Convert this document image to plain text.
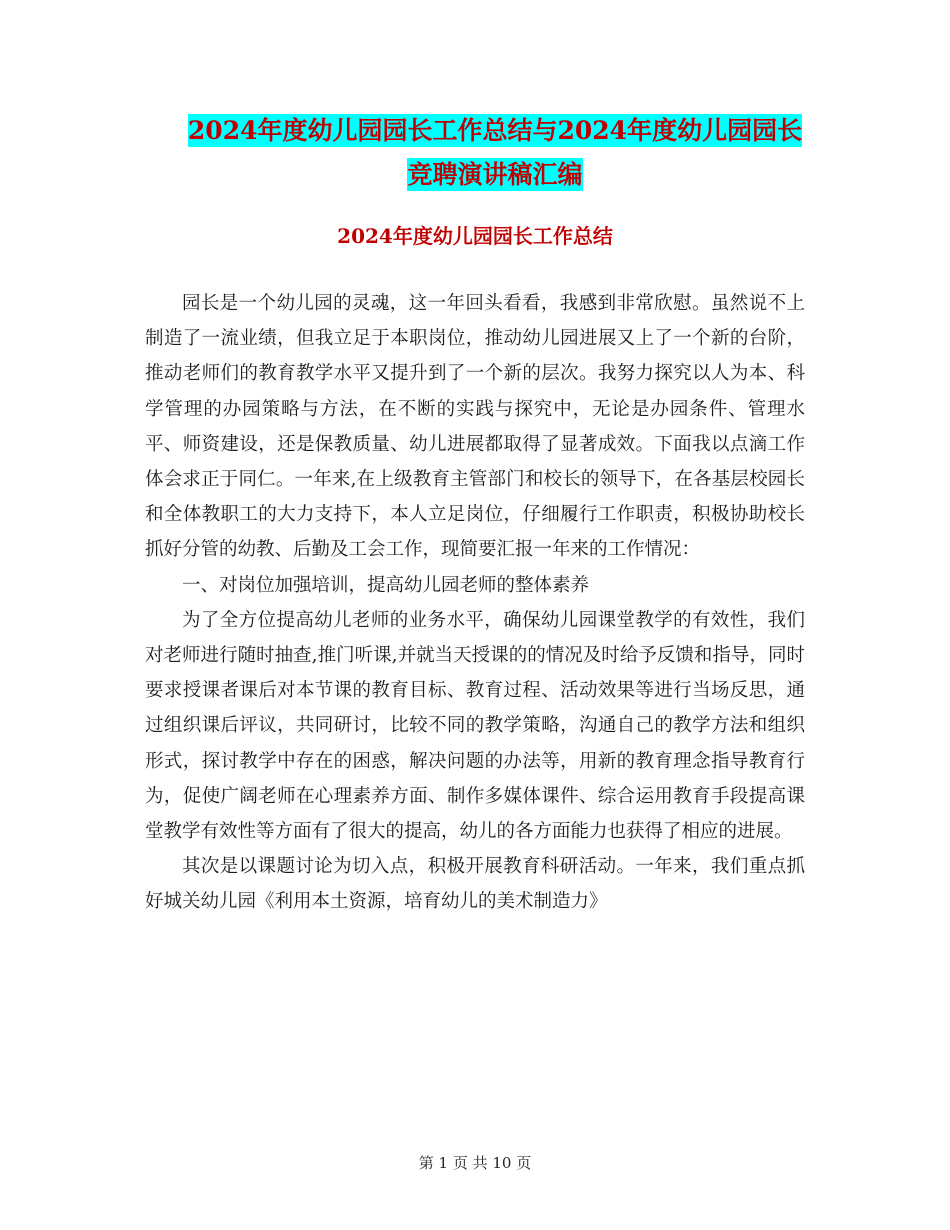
2024年度幼儿园园长工作总结与2024年度幼儿园园长
竞聘演讲稿汇编
2024年度幼儿园园长工作总结

园长是一个幼儿园的灵魂，这一年回头看看，我感到非常欣慰。虽然说不上制造了一流业绩，但我立足于本职岗位，推动幼儿园进展又上了一个新的台阶，推动老师们的教育教学水平又提升到了一个新的层次。我努力探究以人为本、科学管理的办园策略与方法，在不断的实践与探究中，无论是办园条件、管理水平、师资建设，还是保教质量、幼儿进展都取得了显著成效。下面我以点滴工作体会求正于同仁。一年来,在上级教育主管部门和校长的领导下，在各基层校园长和全体教职工的大力支持下，本人立足岗位，仔细履行工作职责，积极协助校长抓好分管的幼教、后勤及工会工作，现简要汇报一年来的工作情况：

一、对岗位加强培训，提高幼儿园老师的整体素养

为了全方位提高幼儿老师的业务水平，确保幼儿园课堂教学的有效性，我们对老师进行随时抽查,推门听课,并就当天授课的的情况及时给予反馈和指导，同时要求授课者课后对本节课的教育目标、教育过程、活动效果等进行当场反思，通过组织课后评议，共同研讨，比较不同的教学策略，沟通自己的教学方法和组织形式，探讨教学中存在的困惑，解决问题的办法等，用新的教育理念指导教育行为，促使广阔老师在心理素养方面、制作多媒体课件、综合运用教育手段提高课堂教学有效性等方面有了很大的提高，幼儿的各方面能力也获得了相应的进展。

其次是以课题讨论为切入点，积极开展教育科研活动。一年来，我们重点抓好城关幼儿园《利用本土资源，培育幼儿的美术制造力》

第 1 页 共 10 页
